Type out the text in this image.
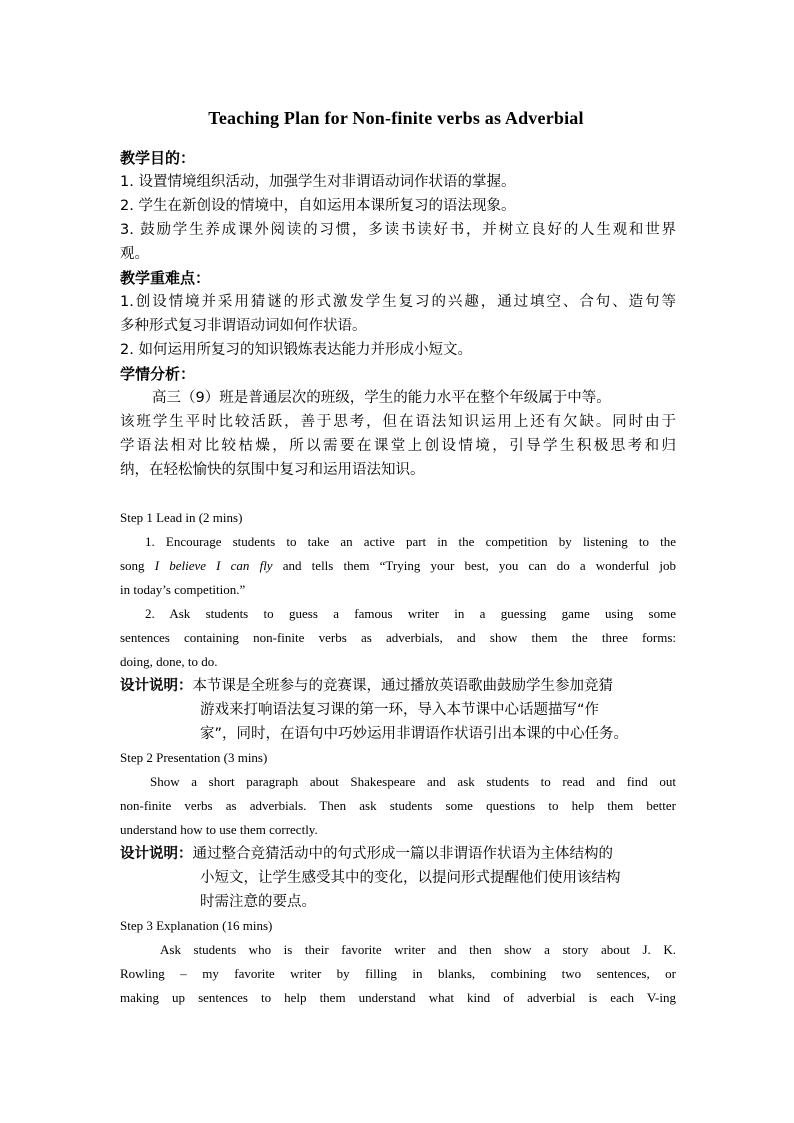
Teaching Plan for Non-finite verbs as Adverbial
教学目的：
1. 设置情境组织活动，加强学生对非谓语动词作状语的掌握。
2. 学生在新创设的情境中，自如运用本课所复习的语法现象。
3. 鼓励学生养成课外阅读的习惯，多读书读好书，并树立良好的人生观和世界
观。
教学重难点：
1.创设情境并采用猜谜的形式激发学生复习的兴趣，通过填空、合句、造句等
多种形式复习非谓语动词如何作状语。
2. 如何运用所复习的知识锻炼表达能力并形成小短文。
学情分析：
高三（9）班是普通层次的班级，学生的能力水平在整个年级属于中等。
该班学生平时比较活跃，善于思考，但在语法知识运用上还有欠缺。同时由于
学语法相对比较枯燥，所以需要在课堂上创设情境，引导学生积极思考和归
纳，在轻松愉快的氛围中复习和运用语法知识。
Step 1 Lead in (2 mins)
1. Encourage students to take an active part in the competition by listening to the
song I believe I can fly and tells them “Trying your best, you can do a wonderful job
in today’s competition.”
2. Ask students to guess a famous writer in a guessing game using some
sentences containing non-finite verbs as adverbials, and show them the three forms:
doing, done, to do.
设计说明：本节课是全班参与的竞赛课，通过播放英语歌曲鼓励学生参加竞猜
游戏来打响语法复习课的第一环，导入本节课中心话题描写“作
家”，同时，在语句中巧妙运用非谓语作状语引出本课的中心任务。
Step 2 Presentation (3 mins)
Show a short paragraph about Shakespeare and ask students to read and find out
non-finite verbs as adverbials. Then ask students some questions to help them better
understand how to use them correctly.
设计说明：通过整合竞猜活动中的句式形成一篇以非谓语作状语为主体结构的
小短文，让学生感受其中的变化，以提问形式提醒他们使用该结构
时需注意的要点。
Step 3 Explanation (16 mins)
Ask students who is their favorite writer and then show a story about J. K.
Rowling – my favorite writer by filling in blanks, combining two sentences, or
making up sentences to help them understand what kind of adverbial is each V-ing
